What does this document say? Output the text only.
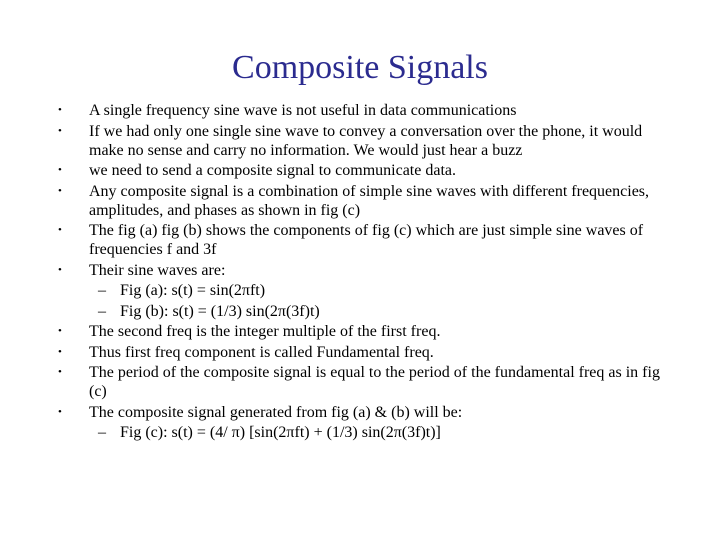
Composite Signals
• A single frequency sine wave is not useful in data communications
• If we had only one single sine wave to convey a conversation over the phone, it would make no sense and carry no information. We would just hear a buzz
• we need to send a composite signal to communicate data.
• Any composite signal is a combination of simple sine waves with different frequencies, amplitudes, and phases as shown in fig (c)
• The fig (a) fig (b) shows the components of fig (c) which are just simple sine waves of frequencies f and 3f
• Their sine waves are:
– Fig (a): s(t) = sin(2πft)
– Fig (b): s(t) = (1/3) sin(2π(3f)t)
• The second freq is the integer multiple of the first freq.
• Thus first freq component is called Fundamental freq.
• The period of the composite signal is equal to the period of the fundamental freq as in fig (c)
• The composite signal generated from fig (a) & (b) will be:
– Fig (c): s(t) = (4/ π) [sin(2πft) + (1/3) sin(2π(3f)t)]
